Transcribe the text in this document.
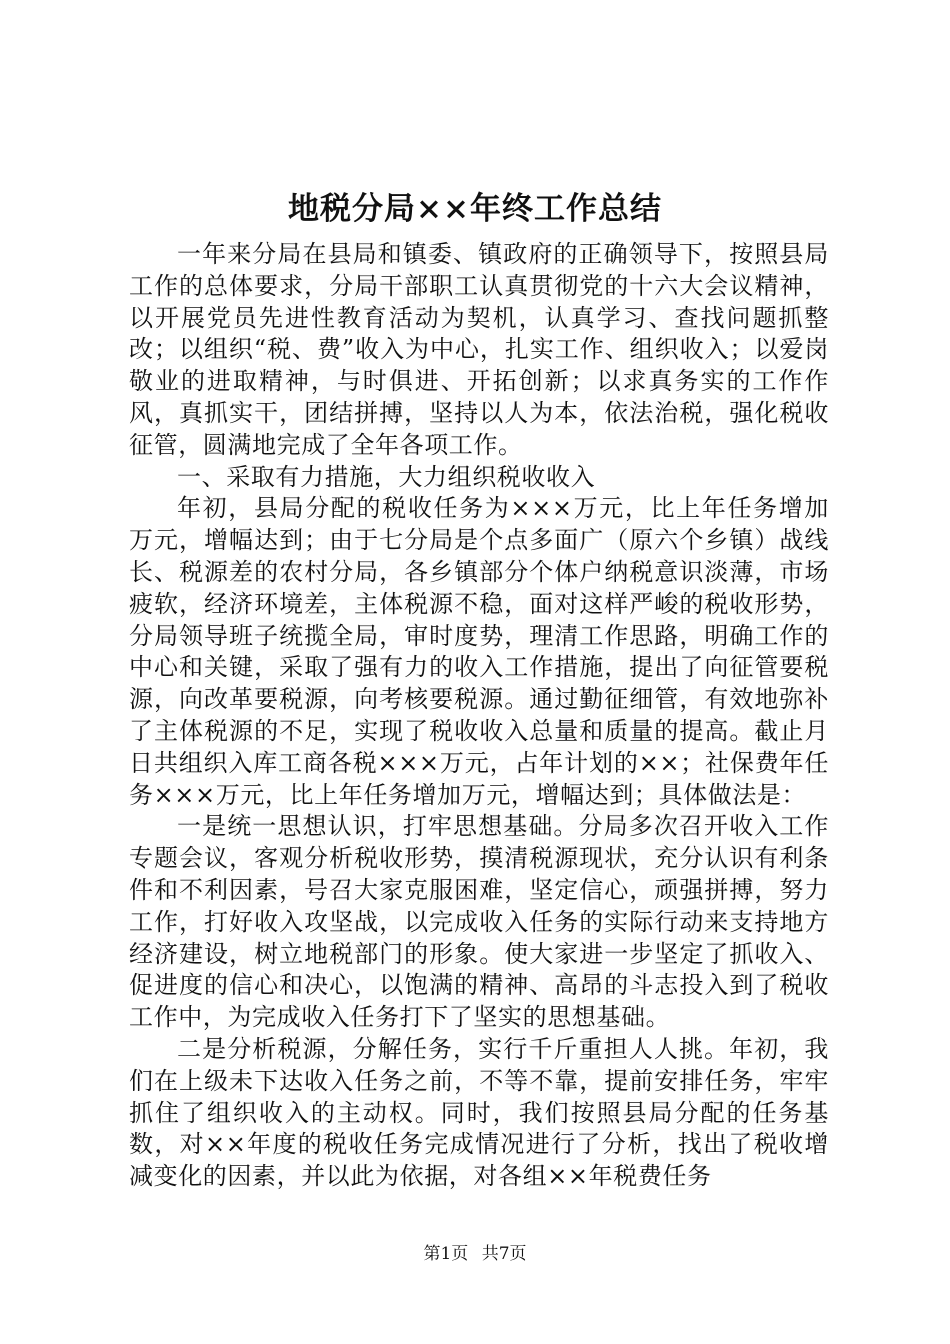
地税分局××年终工作总结

一年来分局在县局和镇委、镇政府的正确领导下，按照县局工作的总体要求，分局干部职工认真贯彻党的十六大会议精神，以开展党员先进性教育活动为契机，认真学习、查找问题抓整改；以组织“税、费”收入为中心，扎实工作、组织收入；以爱岗敬业的进取精神，与时俱进、开拓创新；以求真务实的工作作风，真抓实干，团结拼搏，坚持以人为本，依法治税，强化税收征管，圆满地完成了全年各项工作。

一、采取有力措施，大力组织税收收入

年初，县局分配的税收任务为×××万元，比上年任务增加万元，增幅达到；由于七分局是个点多面广（原六个乡镇）战线长、税源差的农村分局，各乡镇部分个体户纳税意识淡薄，市场疲软，经济环境差，主体税源不稳，面对这样严峻的税收形势，分局领导班子统揽全局，审时度势，理清工作思路，明确工作的中心和关键，采取了强有力的收入工作措施，提出了向征管要税源，向改革要税源，向考核要税源。通过勤征细管，有效地弥补了主体税源的不足，实现了税收收入总量和质量的提高。截止月日共组织入库工商各税×××万元，占年计划的××；社保费年任务×××万元，比上年任务增加万元，增幅达到；具体做法是：

一是统一思想认识，打牢思想基础。分局多次召开收入工作专题会议，客观分析税收形势，摸清税源现状，充分认识有利条件和不利因素，号召大家克服困难，坚定信心，顽强拼搏，努力工作，打好收入攻坚战，以完成收入任务的实际行动来支持地方经济建设，树立地税部门的形象。使大家进一步坚定了抓收入、促进度的信心和决心，以饱满的精神、高昂的斗志投入到了税收工作中，为完成收入任务打下了坚实的思想基础。

二是分析税源，分解任务，实行千斤重担人人挑。年初，我们在上级未下达收入任务之前，不等不靠，提前安排任务，牢牢抓住了组织收入的主动权。同时，我们按照县局分配的任务基数，对××年度的税收任务完成情况进行了分析，找出了税收增减变化的因素，并以此为依据，对各组××年税费任务

第1页 共7页
